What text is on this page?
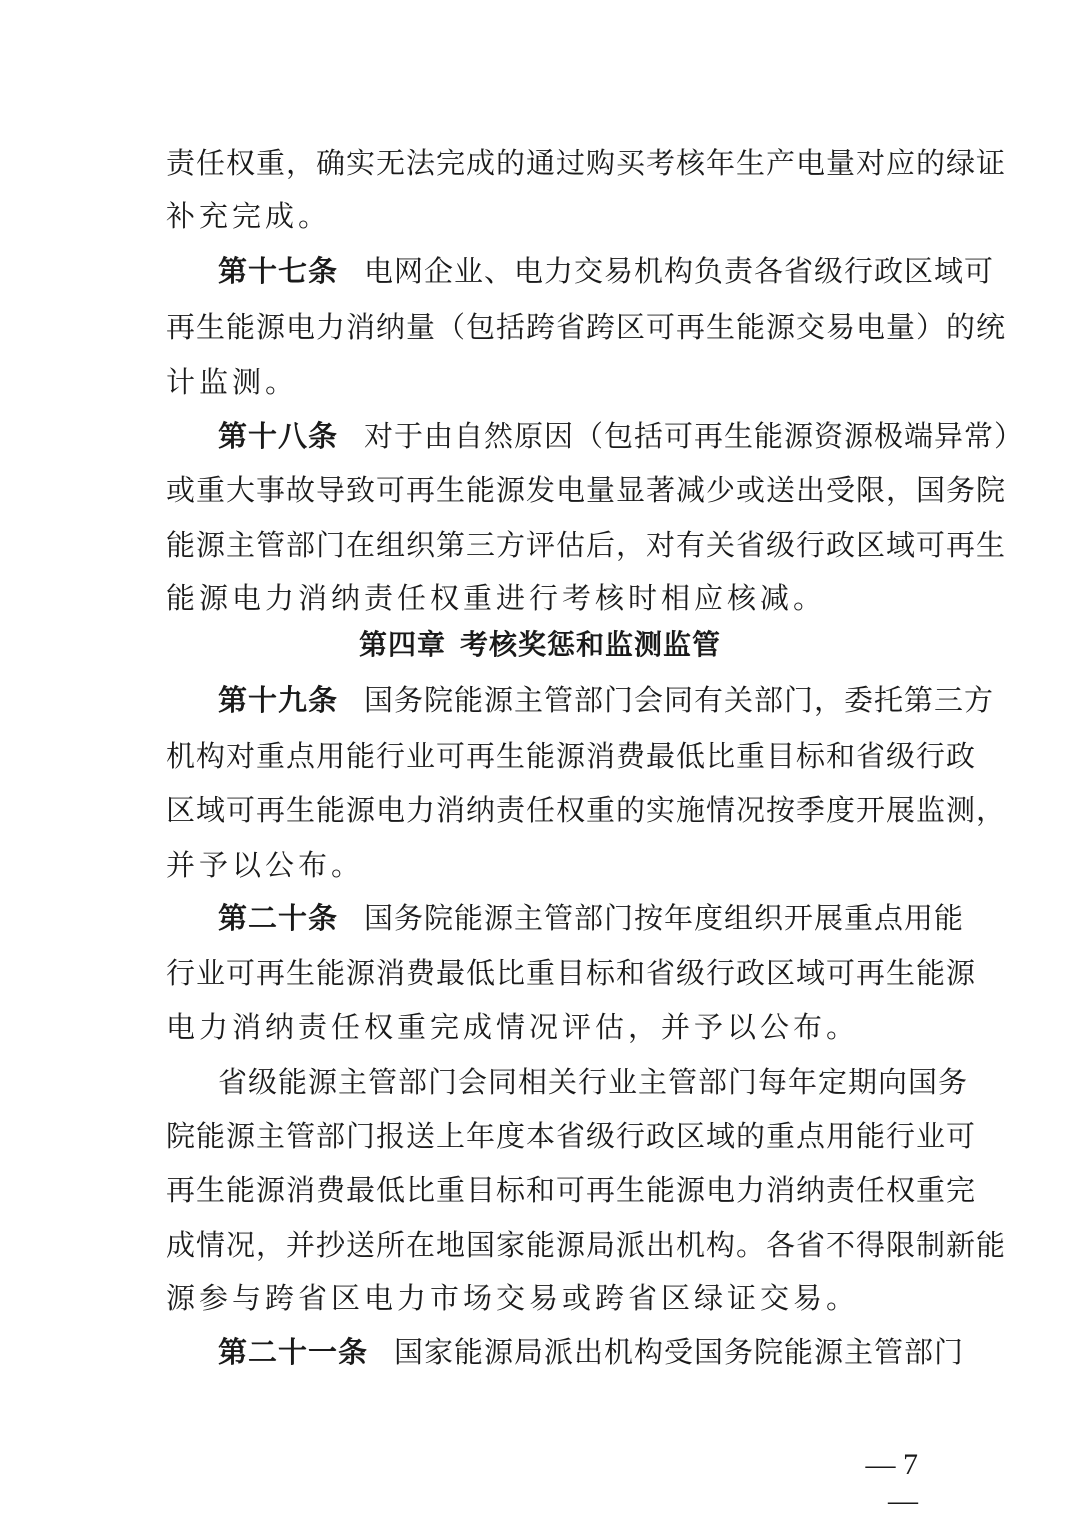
责任权重，确实无法完成的通过购买考核年生产电量对应的绿证
补充完成。
第十七条 电网企业、电力交易机构负责各省级行政区域可
再生能源电力消纳量（包括跨省跨区可再生能源交易电量）的统
计监测。
第十八条 对于由自然原因（包括可再生能源资源极端异常）
或重大事故导致可再生能源发电量显著减少或送出受限，国务院
能源主管部门在组织第三方评估后，对有关省级行政区域可再生
能源电力消纳责任权重进行考核时相应核减。
第四章 考核奖惩和监测监管
第十九条 国务院能源主管部门会同有关部门，委托第三方
机构对重点用能行业可再生能源消费最低比重目标和省级行政
区域可再生能源电力消纳责任权重的实施情况按季度开展监测，
并予以公布。
第二十条 国务院能源主管部门按年度组织开展重点用能
行业可再生能源消费最低比重目标和省级行政区域可再生能源
电力消纳责任权重完成情况评估，并予以公布。
省级能源主管部门会同相关行业主管部门每年定期向国务
院能源主管部门报送上年度本省级行政区域的重点用能行业可
再生能源消费最低比重目标和可再生能源电力消纳责任权重完
成情况，并抄送所在地国家能源局派出机构。各省不得限制新能
源参与跨省区电力市场交易或跨省区绿证交易。
第二十一条 国家能源局派出机构受国务院能源主管部门
— 7 —
